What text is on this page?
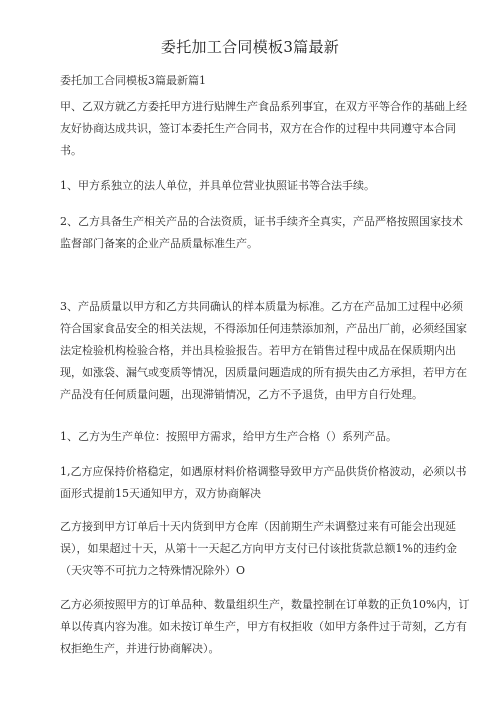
委托加工合同模板3篇最新
委托加工合同模板3篇最新篇1

甲、乙双方就乙方委托甲方进行贴牌生产食品系列事宜，在双方平等合作的基础上经友好协商达成共识，签订本委托生产合同书，双方在合作的过程中共同遵守本合同书。

1、甲方系独立的法人单位，并具单位营业执照证书等合法手续。

2、乙方具备生产相关产品的合法资质，证书手续齐全真实，产品严格按照国家技术监督部门备案的企业产品质量标准生产。

3、产品质量以甲方和乙方共同确认的样本质量为标准。乙方在产品加工过程中必须符合国家食品安全的相关法规，不得添加任何违禁添加剂，产品出厂前，必须经国家法定检验机构检验合格，并出具检验报告。若甲方在销售过程中成品在保质期内出现，如涨袋、漏气或变质等情况，因质量问题造成的所有损失由乙方承担，若甲方在产品没有任何质量问题，出现滞销情况，乙方不予退货，由甲方自行处理。

1、乙方为生产单位：按照甲方需求，给甲方生产合格（）系列产品。

1,乙方应保持价格稳定，如遇原材料价格调整导致甲方产品供货价格波动，必须以书面形式提前15天通知甲方，双方协商解决

乙方接到甲方订单后十天内货到甲方仓库（因前期生产未调整过来有可能会出现延误），如果超过十天，从第十一天起乙方向甲方支付已付该批货款总额1%的违约金（天灾等不可抗力之特殊情况除外）O

乙方必须按照甲方的订单品种、数量组织生产，数量控制在订单数的正负10%内，订单以传真内容为准。如未按订单生产，甲方有权拒收（如甲方条件过于苛刻，乙方有权拒绝生产，并进行协商解决）。
